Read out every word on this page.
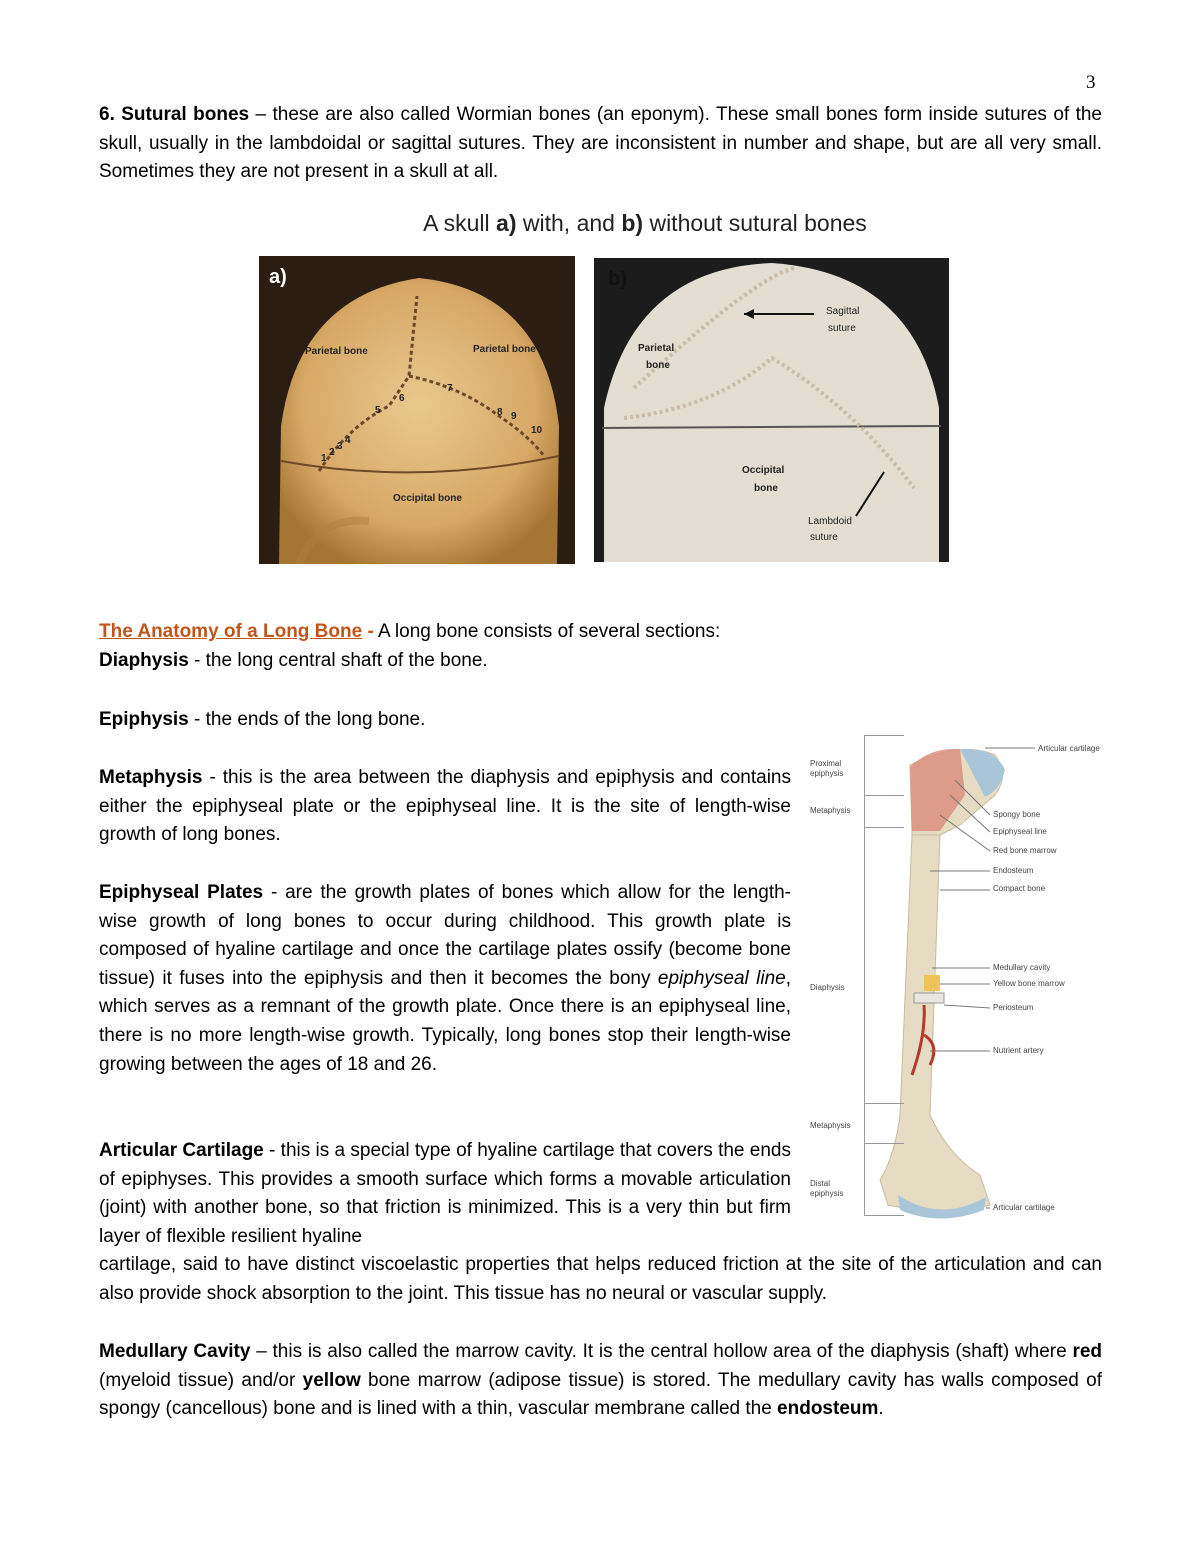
3
6. Sutural bones – these are also called Wormian bones (an eponym). These small bones form inside sutures of the skull, usually in the lambdoidal or sagittal sutures. They are inconsistent in number and shape, but are all very small. Sometimes they are not present in a skull at all.
A skull a) with, and b) without sutural bones
a)
Parietal bone	Parietal bone
Occipital bone
1
2
3
4
5
6
7
8 9
10
b)
Parietal
bone
Sagittal
suture
Occipital
bone
Lambdoid
suture
The Anatomy of a Long Bone - A long bone consists of several sections:
Diaphysis - the long central shaft of the bone.
Epiphysis - the ends of the long bone.
Metaphysis - this is the area between the diaphysis and epiphysis and contains either the epiphyseal plate or the epiphyseal line. It is the site of length-wise growth of long bones.
Epiphyseal Plates - are the growth plates of bones which allow for the length-wise growth of long bones to occur during childhood. This growth plate is composed of hyaline cartilage and once the cartilage plates ossify (become bone tissue) it fuses into the epiphysis and then it becomes the bony epiphyseal line, which serves as a remnant of the growth plate. Once there is an epiphyseal line, there is no more length-wise growth. Typically, long bones stop their length-wise growing between the ages of 18 and 26.
Articular Cartilage - this is a special type of hyaline cartilage that covers the ends of epiphyses. This provides a smooth surface which forms a movable articulation (joint) with another bone, so that friction is minimized. This is a very thin but firm layer of flexible resilient hyaline
cartilage, said to have distinct viscoelastic properties that helps reduced friction at the site of the articulation and can also provide shock absorption to the joint. This tissue has no neural or vascular supply.
Medullary Cavity – this is also called the marrow cavity. It is the central hollow area of the diaphysis (shaft) where red (myeloid tissue) and/or yellow bone marrow (adipose tissue) is stored. The medullary cavity has walls composed of spongy (cancellous) bone and is lined with a thin, vascular membrane called the endosteum.
Proximal
epiphysis
Metaphysis
Diaphysis
Metaphysis
Distal
epiphysis
Articular cartilage
Spongy bone
Epiphyseal line
Red bone marrow
Endosteum
Compact bone
Medullary cavity
Yellow bone marrow
Periosteum
Nutrient artery
Articular cartilage
